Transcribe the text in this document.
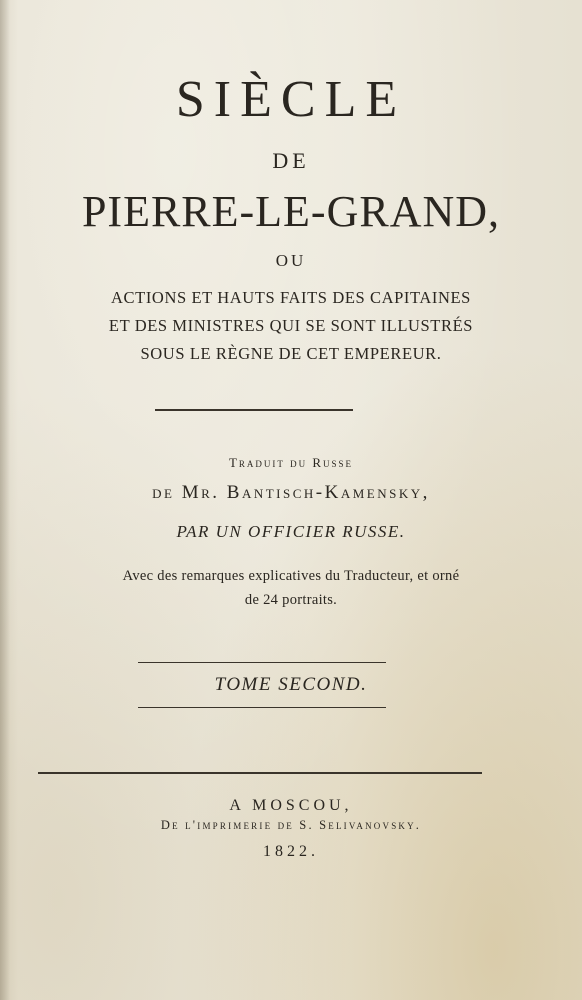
SIÈCLE
DE
PIERRE-LE-GRAND,
OU
ACTIONS ET HAUTS FAITS DES CAPITAINES
ET DES MINISTRES QUI SE SONT ILLUSTRÉS
SOUS LE RÈGNE DE CET EMPEREUR.
Traduit du Russe
de Mr. Bantisch-Kamensky,
PAR UN OFFICIER RUSSE.
Avec des remarques explicatives du Traducteur, et orné
de 24 portraits.
TOME SECOND.
A MOSCOU,
De l'imprimerie de S. Selivanovsky.
1822.
